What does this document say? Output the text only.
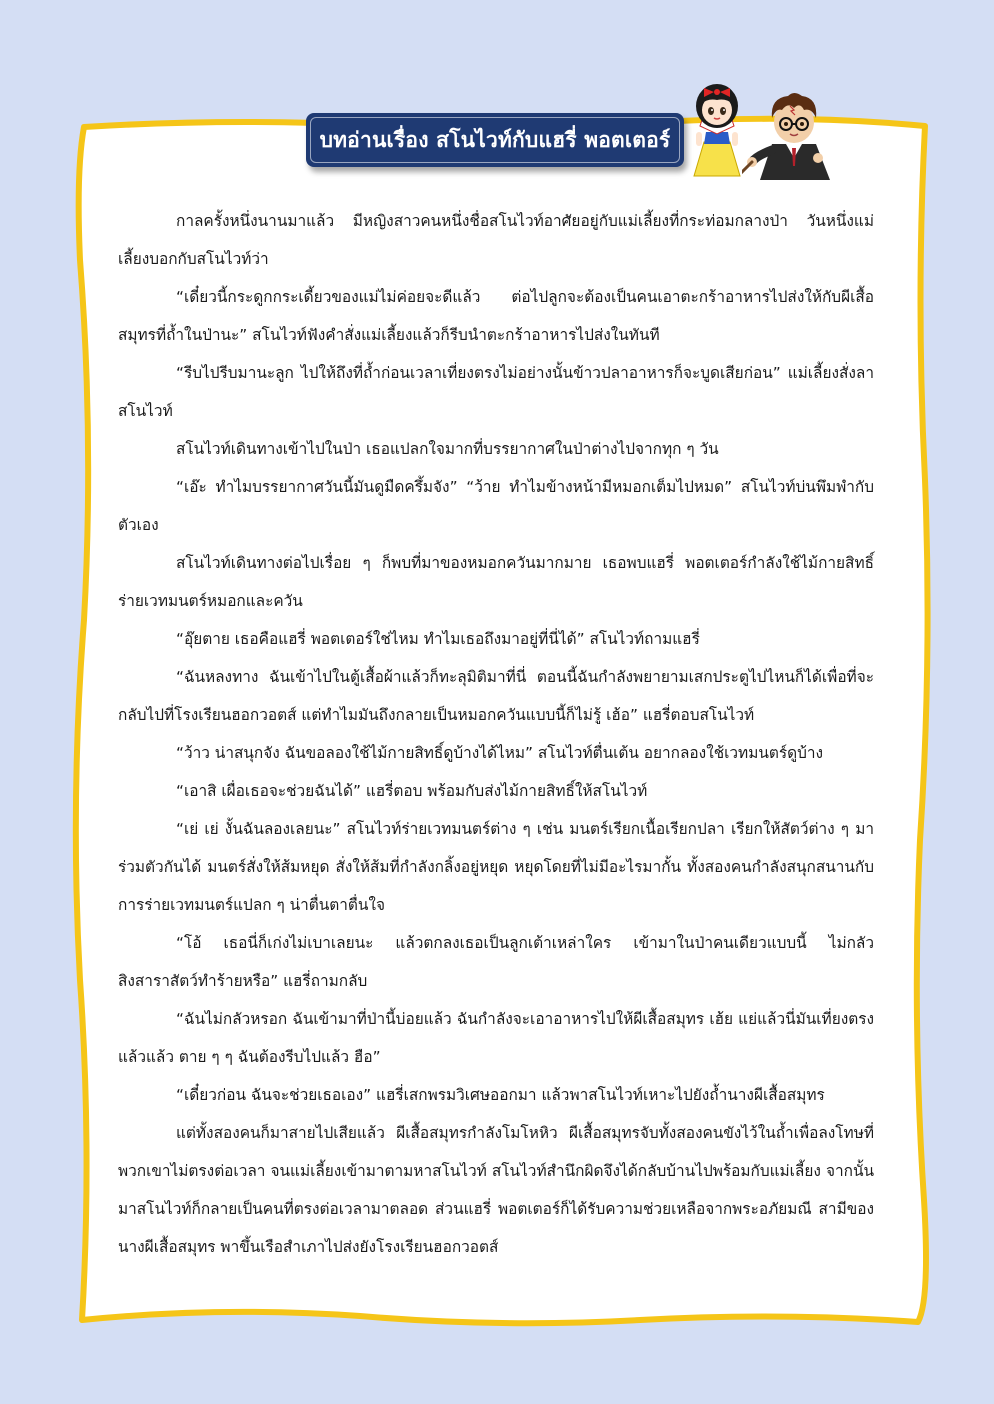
บทอ่านเรื่อง สโนไวท์กับแฮรี่ พอตเตอร์

กาลครั้งหนึ่งนานมาแล้ว มีหญิงสาวคนหนึ่งชื่อสโนไวท์อาศัยอยู่กับแม่เลี้ยงที่กระท่อมกลางป่า วันหนึ่งแม่เลี้ยงบอกกับสโนไวท์ว่า

“เดี๋ยวนี้กระดูกกระเดี้ยวของแม่ไม่ค่อยจะดีแล้ว ต่อไปลูกจะต้องเป็นคนเอาตะกร้าอาหารไปส่งให้กับผีเสื้อสมุทรที่ถ้ำในป่านะ” สโนไวท์ฟังคำสั่งแม่เลี้ยงแล้วก็รีบนำตะกร้าอาหารไปส่งในทันที

“รีบไปรีบมานะลูก ไปให้ถึงที่ถ้ำก่อนเวลาเที่ยงตรงไม่อย่างนั้นข้าวปลาอาหารก็จะบูดเสียก่อน” แม่เลี้ยงสั่งลาสโนไวท์

สโนไวท์เดินทางเข้าไปในป่า เธอแปลกใจมากที่บรรยากาศในป่าต่างไปจากทุก ๆ วัน

“เอ๊ะ ทำไมบรรยากาศวันนี้มันดูมืดครึ้มจัง” “ว้าย ทำไมข้างหน้ามีหมอกเต็มไปหมด” สโนไวท์บ่นพึมพำกับตัวเอง

สโนไวท์เดินทางต่อไปเรื่อย ๆ ก็พบที่มาของหมอกควันมากมาย เธอพบแฮรี่ พอตเตอร์กำลังใช้ไม้กายสิทธิ์ร่ายเวทมนตร์หมอกและควัน

“อุ๊ยตาย เธอคือแฮรี่ พอตเตอร์ใช่ไหม ทำไมเธอถึงมาอยู่ที่นี่ได้” สโนไวท์ถามแฮรี่

“ฉันหลงทาง ฉันเข้าไปในตู้เสื้อผ้าแล้วก็ทะลุมิติมาที่นี่ ตอนนี้ฉันกำลังพยายามเสกประตูไปไหนก็ได้เพื่อที่จะกลับไปที่โรงเรียนฮอกวอตส์ แต่ทำไมมันถึงกลายเป็นหมอกควันแบบนี้ก็ไม่รู้ เฮ้อ” แฮรี่ตอบสโนไวท์

“ว้าว น่าสนุกจัง ฉันขอลองใช้ไม้กายสิทธิ์ดูบ้างได้ไหม” สโนไวท์ตื่นเต้น อยากลองใช้เวทมนตร์ดูบ้าง

“เอาสิ เผื่อเธอจะช่วยฉันได้” แฮรี่ตอบ พร้อมกับส่งไม้กายสิทธิ์ให้สโนไวท์

“เย่ เย่ งั้นฉันลองเลยนะ” สโนไวท์ร่ายเวทมนตร์ต่าง ๆ เช่น มนตร์เรียกเนื้อเรียกปลา เรียกให้สัตว์ต่าง ๆ มาร่วมตัวกันได้ มนตร์สั่งให้ส้มหยุด สั่งให้ส้มที่กำลังกลิ้งอยู่หยุด หยุดโดยที่ไม่มีอะไรมากั้น ทั้งสองคนกำลังสนุกสนานกับการร่ายเวทมนตร์แปลก ๆ น่าตื่นตาตื่นใจ

“โอ้ เธอนี่ก็เก่งไม่เบาเลยนะ แล้วตกลงเธอเป็นลูกเต้าเหล่าใคร เข้ามาในป่าคนเดียวแบบนี้ ไม่กลัวสิงสาราสัตว์ทำร้ายหรือ” แฮรี่ถามกลับ

“ฉันไม่กลัวหรอก ฉันเข้ามาที่ป่านี้บ่อยแล้ว ฉันกำลังจะเอาอาหารไปให้ผีเสื้อสมุทร เฮ้ย แย่แล้วนี่มันเที่ยงตรงแล้วแล้ว ตาย ๆ ๆ ฉันต้องรีบไปแล้ว ฮือ”

“เดี๋ยวก่อน ฉันจะช่วยเธอเอง” แฮรี่เสกพรมวิเศษออกมา แล้วพาสโนไวท์เหาะไปยังถ้ำนางผีเสื้อสมุทร

แต่ทั้งสองคนก็มาสายไปเสียแล้ว ผีเสื้อสมุทรกำลังโมโหหิว ผีเสื้อสมุทรจับทั้งสองคนขังไว้ในถ้ำเพื่อลงโทษที่พวกเขาไม่ตรงต่อเวลา จนแม่เลี้ยงเข้ามาตามหาสโนไวท์ สโนไวท์สำนึกผิดจึงได้กลับบ้านไปพร้อมกับแม่เลี้ยง จากนั้นมาสโนไวท์ก็กลายเป็นคนที่ตรงต่อเวลามาตลอด ส่วนแฮรี่ พอตเตอร์ก็ได้รับความช่วยเหลือจากพระอภัยมณี สามีของนางผีเสื้อสมุทร พาขึ้นเรือสำเภาไปส่งยังโรงเรียนฮอกวอตส์
